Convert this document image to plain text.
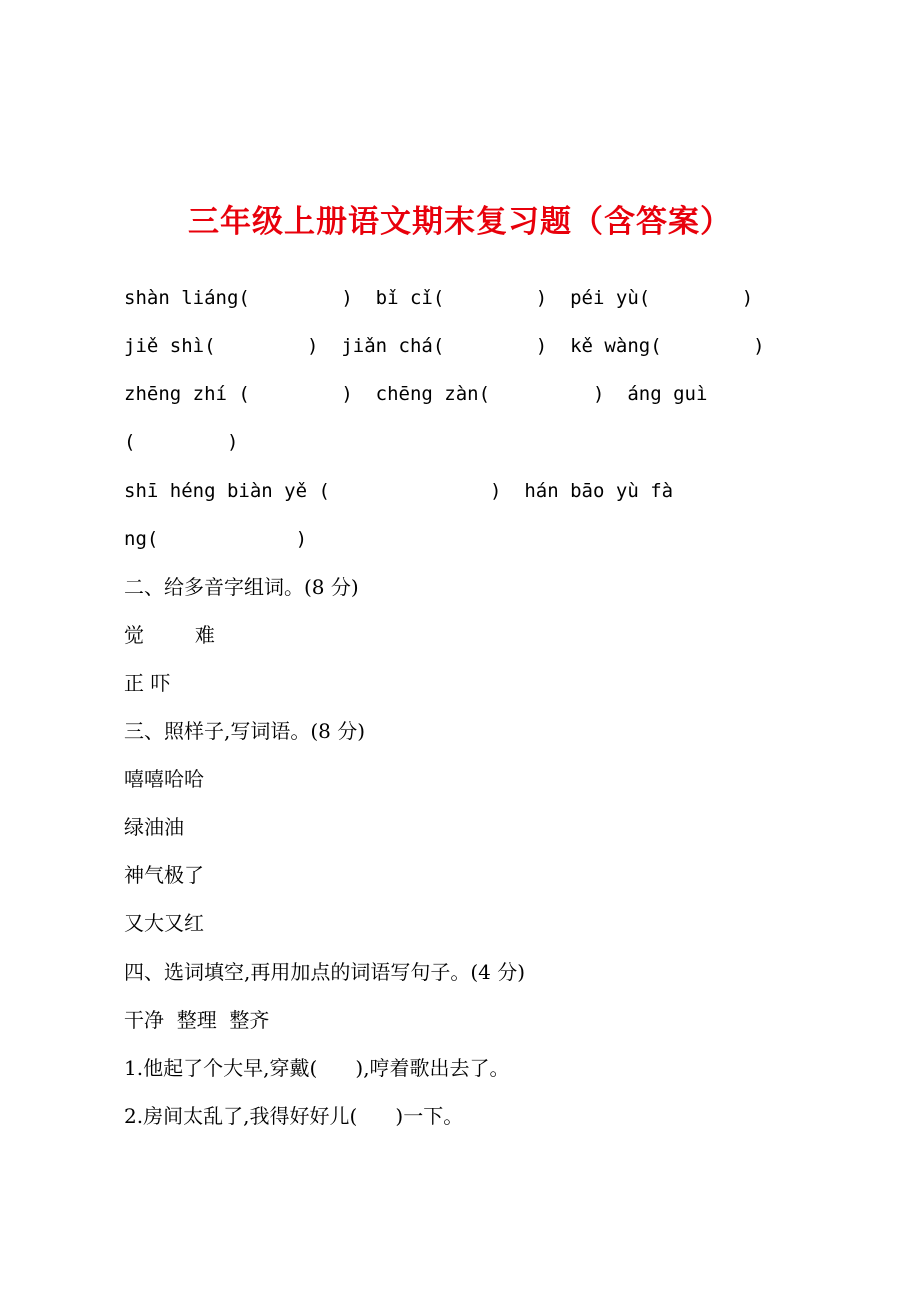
三年级上册语文期末复习题（含答案）
shàn liáng(        )  bǐ cǐ(        )  péi yù(        )
jiě shì(        )  jiǎn chá(        )  kě wàng(        )
zhēng zhí (        )  chēng zàn(         )  áng guì
(        )
shī héng biàn yě (              )  hán bāo yù fà
ng(            )
二、给多音字组词。(8 分)
觉        难
正 吓
三、照样子,写词语。(8 分)
嘻嘻哈哈
绿油油
神气极了
又大又红
四、选词填空,再用加点的词语写句子。(4 分)
干净  整理  整齐
1.他起了个大早,穿戴(      ),哼着歌出去了。
2.房间太乱了,我得好好儿(      )一下。
